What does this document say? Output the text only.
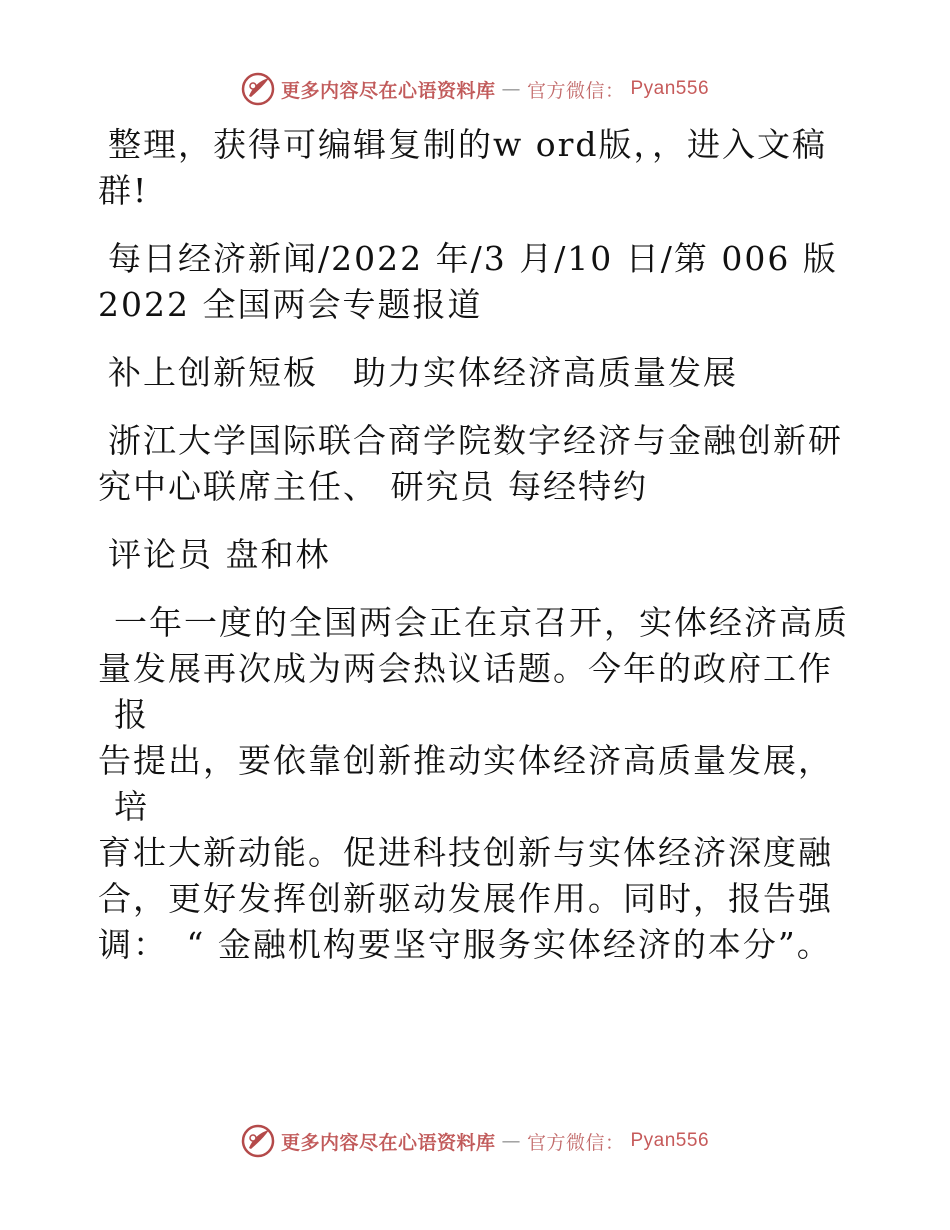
更多内容尽在心语资料库 — 官方微信： Pyan556

整理，获得可编辑复制的w ord版，，进入文稿
群!

每日经济新闻/2022 年/3 月/10 日/第 006 版
2022 全国两会专题报道

补上创新短板　助力实体经济高质量发展

浙江大学国际联合商学院数字经济与金融创新研
究中心联席主任、 研究员 每经特约

评论员 盘和林

一年一度的全国两会正在京召开，实体经济高质
量发展再次成为两会热议话题。今年的政府工作报
告提出，要依靠创新推动实体经济高质量发展，培
育壮大新动能。促进科技创新与实体经济深度融
合，更好发挥创新驱动发展作用。同时，报告强
调：　“ 金融机构要坚守服务实体经济的本分”。

更多内容尽在心语资料库 — 官方微信： Pyan556
